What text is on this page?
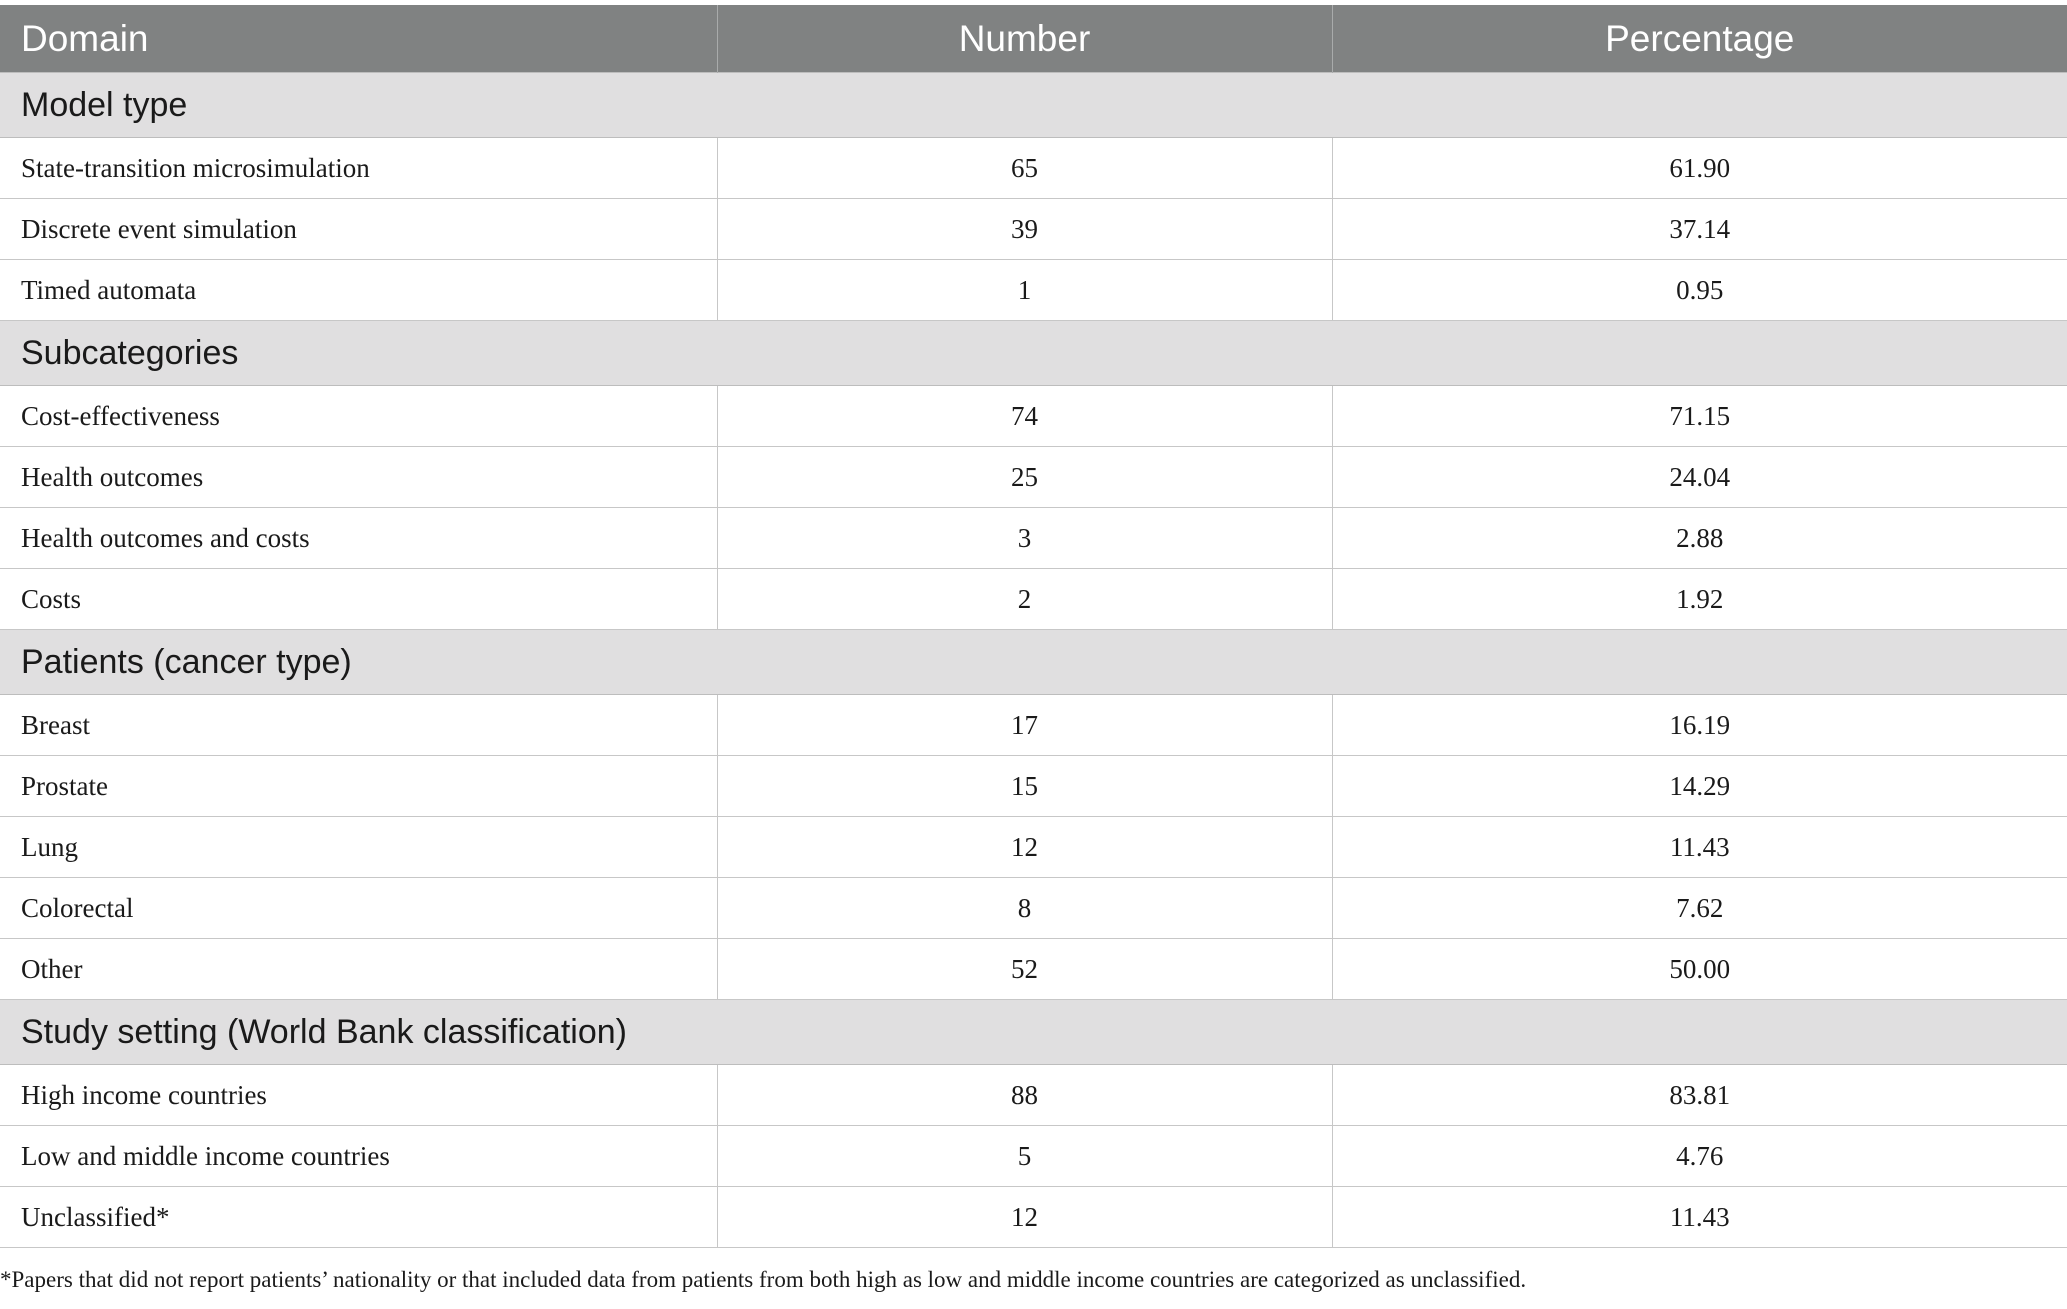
Domain	Number	Percentage
Model type		
State-transition microsimulation	65	61.90
Discrete event simulation	39	37.14
Timed automata	1	0.95
Subcategories		
Cost-effectiveness	74	71.15
Health outcomes	25	24.04
Health outcomes and costs	3	2.88
Costs	2	1.92
Patients (cancer type)		
Breast	17	16.19
Prostate	15	14.29
Lung	12	11.43
Colorectal	8	7.62
Other	52	50.00
Study setting (World Bank classification)		
High income countries	88	83.81
Low and middle income countries	5	4.76
Unclassified*	12	11.43
*Papers that did not report patients’ nationality or that included data from patients from both high as low and middle income countries are categorized as unclassified.
